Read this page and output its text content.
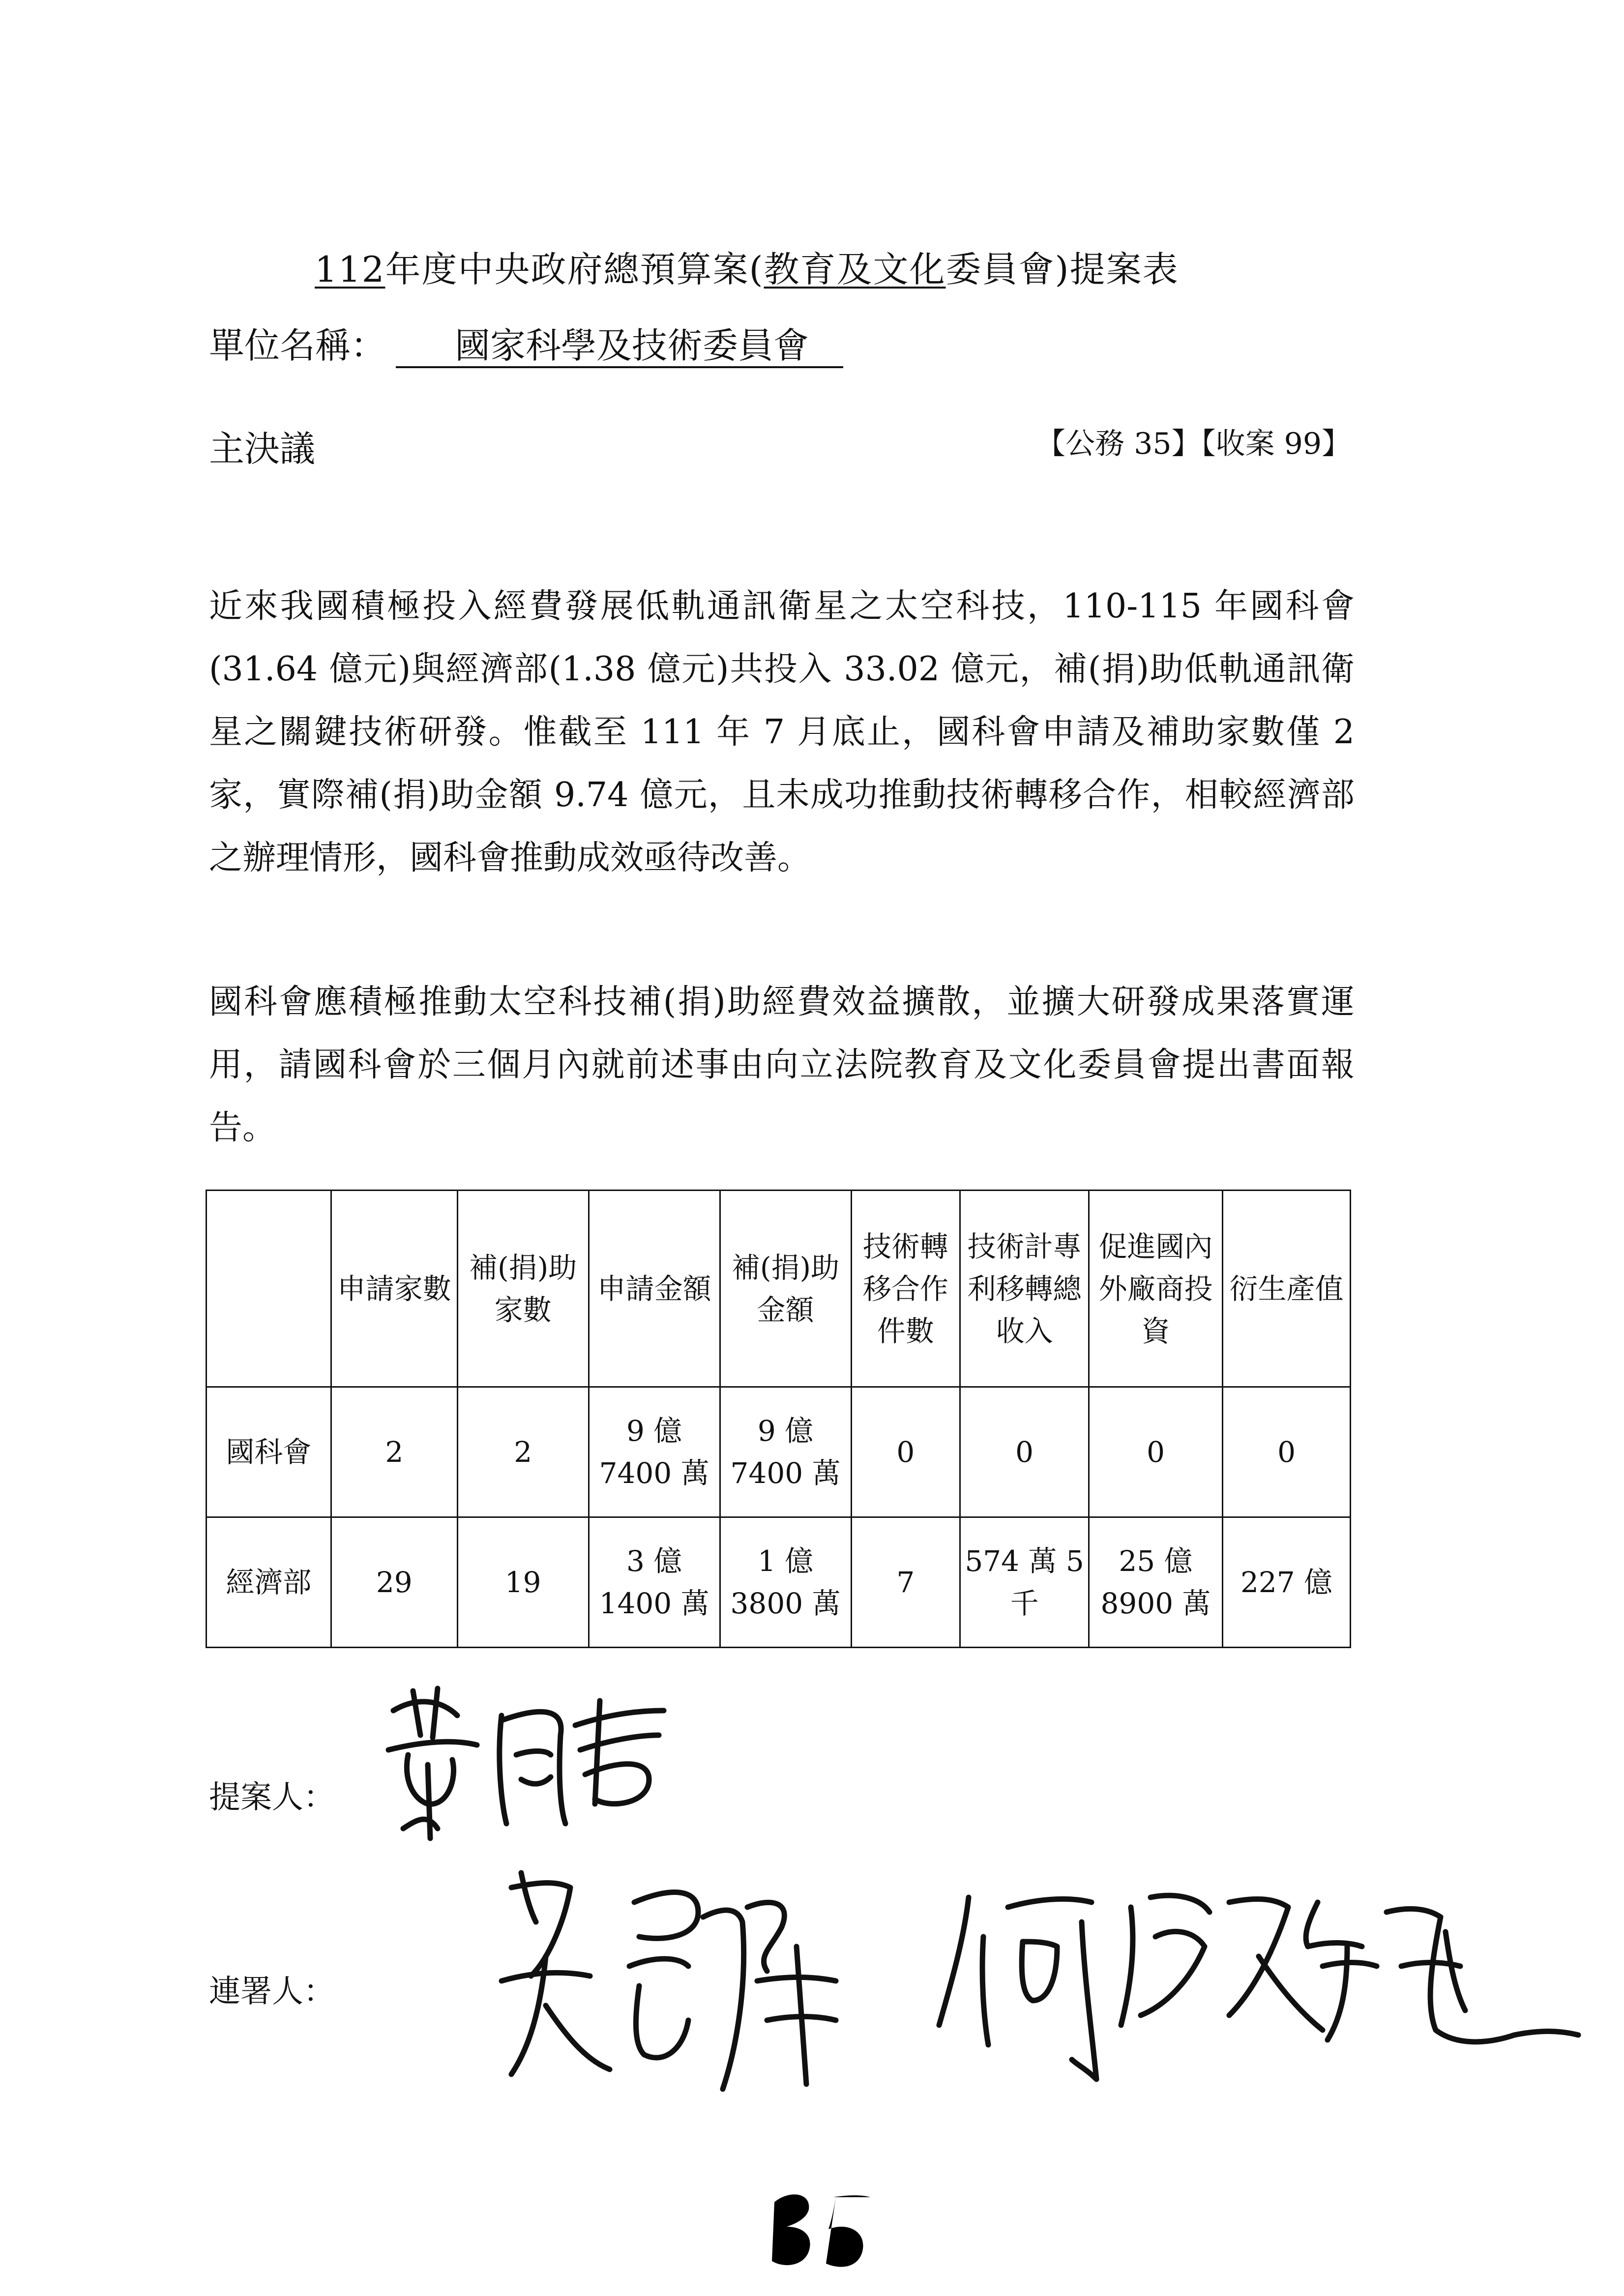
112年度中央政府總預算案(教育及文化委員會)提案表
單位名稱： 國家科學及技術委員會
主決議	【公務 35】【收案 99】

近來我國積極投入經費發展低軌通訊衛星之太空科技，110-115 年國科會(31.64 億元)與經濟部(1.38 億元)共投入 33.02 億元，補(捐)助低軌通訊衛星之關鍵技術研發。惟截至 111 年 7 月底止，國科會申請及補助家數僅 2 家，實際補(捐)助金額 9.74 億元，且未成功推動技術轉移合作，相較經濟部之辦理情形，國科會推動成效亟待改善。

國科會應積極推動太空科技補(捐)助經費效益擴散，並擴大研發成果落實運用，請國科會於三個月內就前述事由向立法院教育及文化委員會提出書面報告。

	申請家數	補(捐)助家數	申請金額	補(捐)助金額	技術轉移合作件數	技術計專利移轉總收入	促進國內外廠商投資	衍生產值
國科會	2	2	9 億 7400 萬	9 億 7400 萬	0	0	0	0
經濟部	29	19	3 億 1400 萬	1 億 3800 萬	7	574 萬 5 千	25 億 8900 萬	227 億
提案人：
連署人：
35
